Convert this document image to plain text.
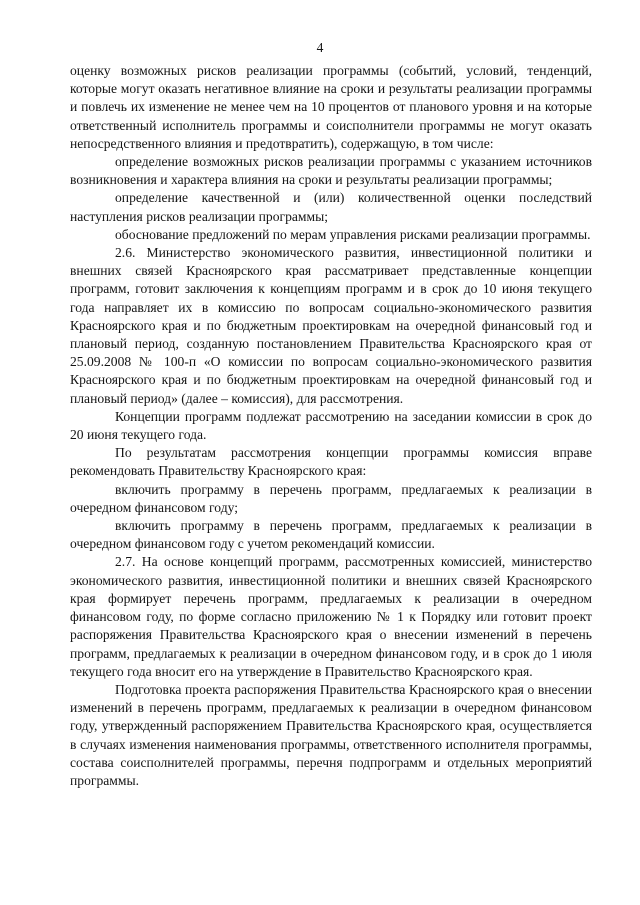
4

оценку возможных рисков реализации программы (событий, условий, тенденций, которые могут оказать негативное влияние на сроки и результаты реализации программы и повлечь их изменение не менее чем на 10 процентов от планового уровня и на которые ответственный исполнитель программы и соисполнители программы не могут оказать непосредственного влияния и предотвратить), содержащую, в том числе:

определение возможных рисков реализации программы с указанием источников возникновения и характера влияния на сроки и результаты реализации программы;

определение качественной и (или) количественной оценки последствий наступления рисков реализации программы;

обоснование предложений по мерам управления рисками реализации программы.

2.6. Министерство экономического развития, инвестиционной политики и внешних связей Красноярского края рассматривает представленные концепции программ, готовит заключения к концепциям программ и в срок до 10 июня текущего года направляет их в комиссию по вопросам социально-экономического развития Красноярского края и по бюджетным проектировкам на очередной финансовый год и плановый период, созданную постановлением Правительства Красноярского края от 25.09.2008 № 100-п «О комиссии по вопросам социально-экономического развития Красноярского края и по бюджетным проектировкам на очередной финансовый год и плановый период» (далее – комиссия), для рассмотрения.

Концепции программ подлежат рассмотрению на заседании комиссии в срок до 20 июня текущего года.

По результатам рассмотрения концепции программы комиссия вправе рекомендовать Правительству Красноярского края:

включить программу в перечень программ, предлагаемых к реализации в очередном финансовом году;

включить программу в перечень программ, предлагаемых к реализации в очередном финансовом году с учетом рекомендаций комиссии.

2.7. На основе концепций программ, рассмотренных комиссией, министерство экономического развития, инвестиционной политики и внешних связей Красноярского края формирует перечень программ, предлагаемых к реализации в очередном финансовом году, по форме согласно приложению № 1 к Порядку или готовит проект распоряжения Правительства Красноярского края о внесении изменений в перечень программ, предлагаемых к реализации в очередном финансовом году, и в срок до 1 июля текущего года вносит его на утверждение в Правительство Красноярского края.

Подготовка проекта распоряжения Правительства Красноярского края о внесении изменений в перечень программ, предлагаемых к реализации в очередном финансовом году, утвержденный распоряжением Правительства Красноярского края, осуществляется в случаях изменения наименования программы, ответственного исполнителя программы, состава соисполнителей программы, перечня подпрограмм и отдельных мероприятий программы.
